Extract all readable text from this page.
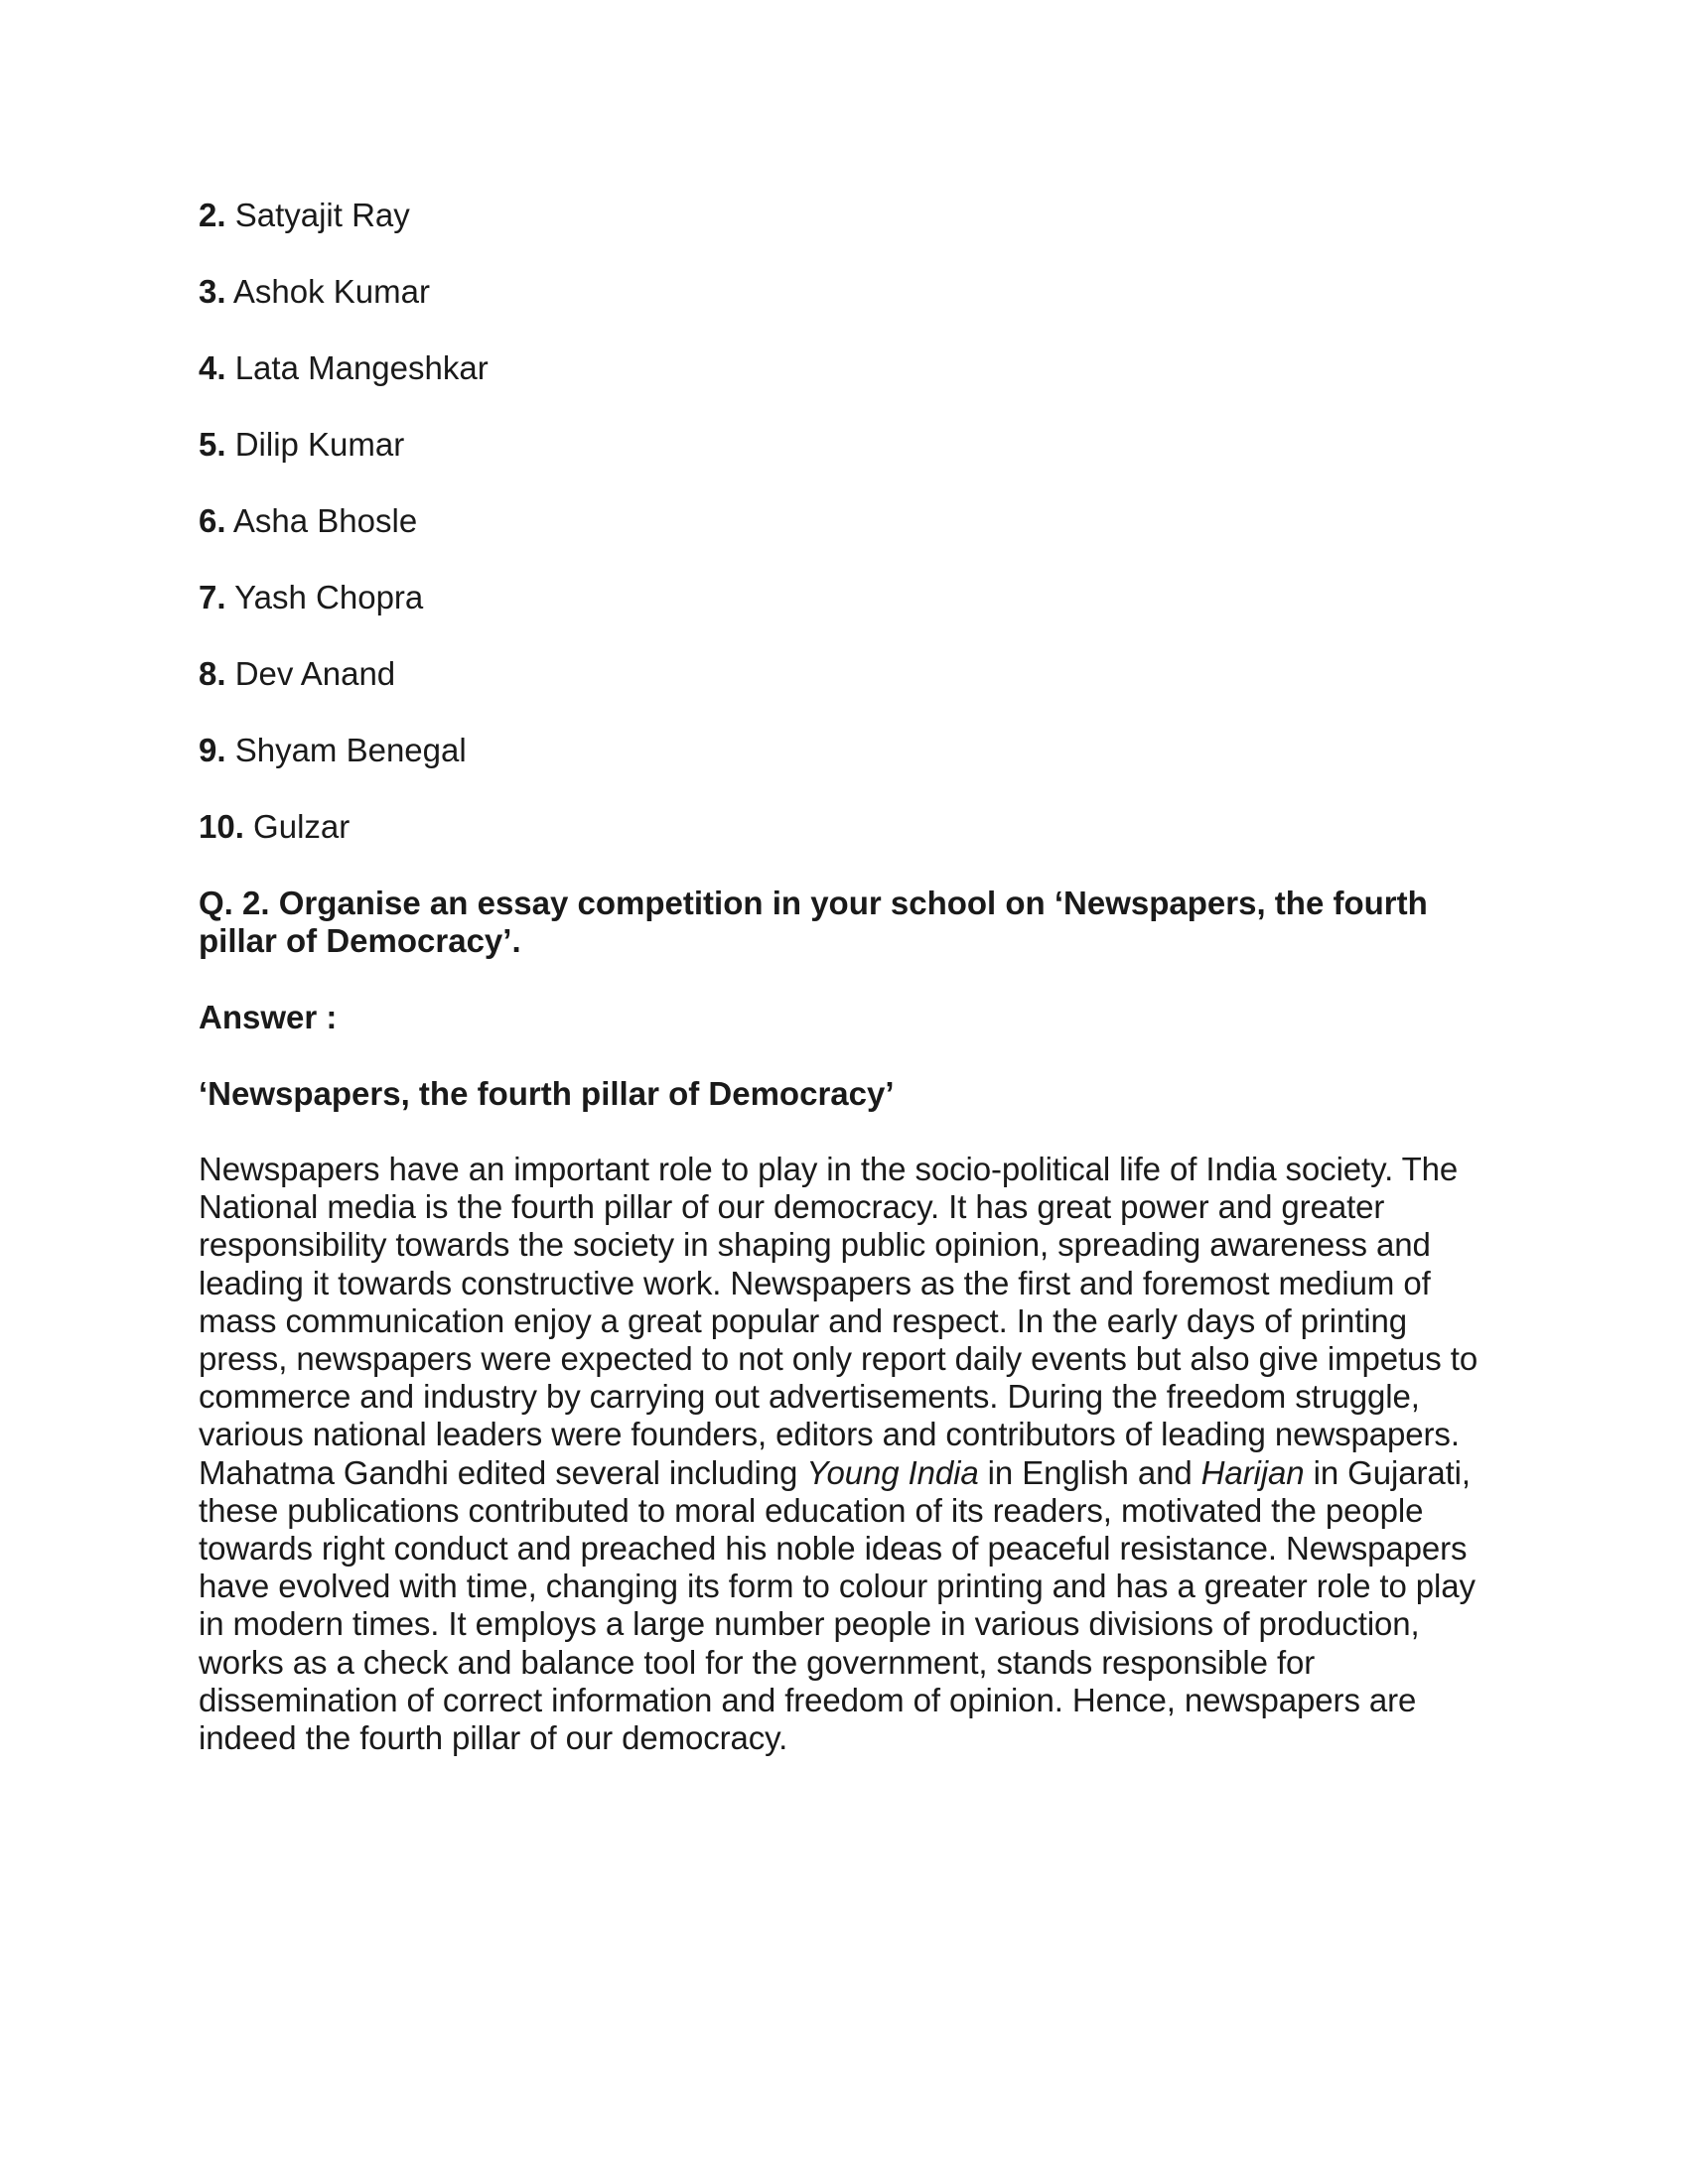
2. Satyajit Ray
3. Ashok Kumar
4. Lata Mangeshkar
5. Dilip Kumar
6. Asha Bhosle
7. Yash Chopra
8. Dev Anand
9. Shyam Benegal
10. Gulzar

Q. 2. Organise an essay competition in your school on ‘Newspapers, the fourth pillar of Democracy’.

Answer :

‘Newspapers, the fourth pillar of Democracy’

Newspapers have an important role to play in the socio-political life of India society. The National media is the fourth pillar of our democracy. It has great power and greater responsibility towards the society in shaping public opinion, spreading awareness and leading it towards constructive work. Newspapers as the first and foremost medium of mass communication enjoy a great popular and respect. In the early days of printing press, newspapers were expected to not only report daily events but also give impetus to commerce and industry by carrying out advertisements. During the freedom struggle, various national leaders were founders, editors and contributors of leading newspapers. Mahatma Gandhi edited several including Young India in English and Harijan in Gujarati, these publications contributed to moral education of its readers, motivated the people towards right conduct and preached his noble ideas of peaceful resistance. Newspapers have evolved with time, changing its form to colour printing and has a greater role to play in modern times. It employs a large number people in various divisions of production, works as a check and balance tool for the government, stands responsible for dissemination of correct information and freedom of opinion. Hence, newspapers are indeed the fourth pillar of our democracy.
